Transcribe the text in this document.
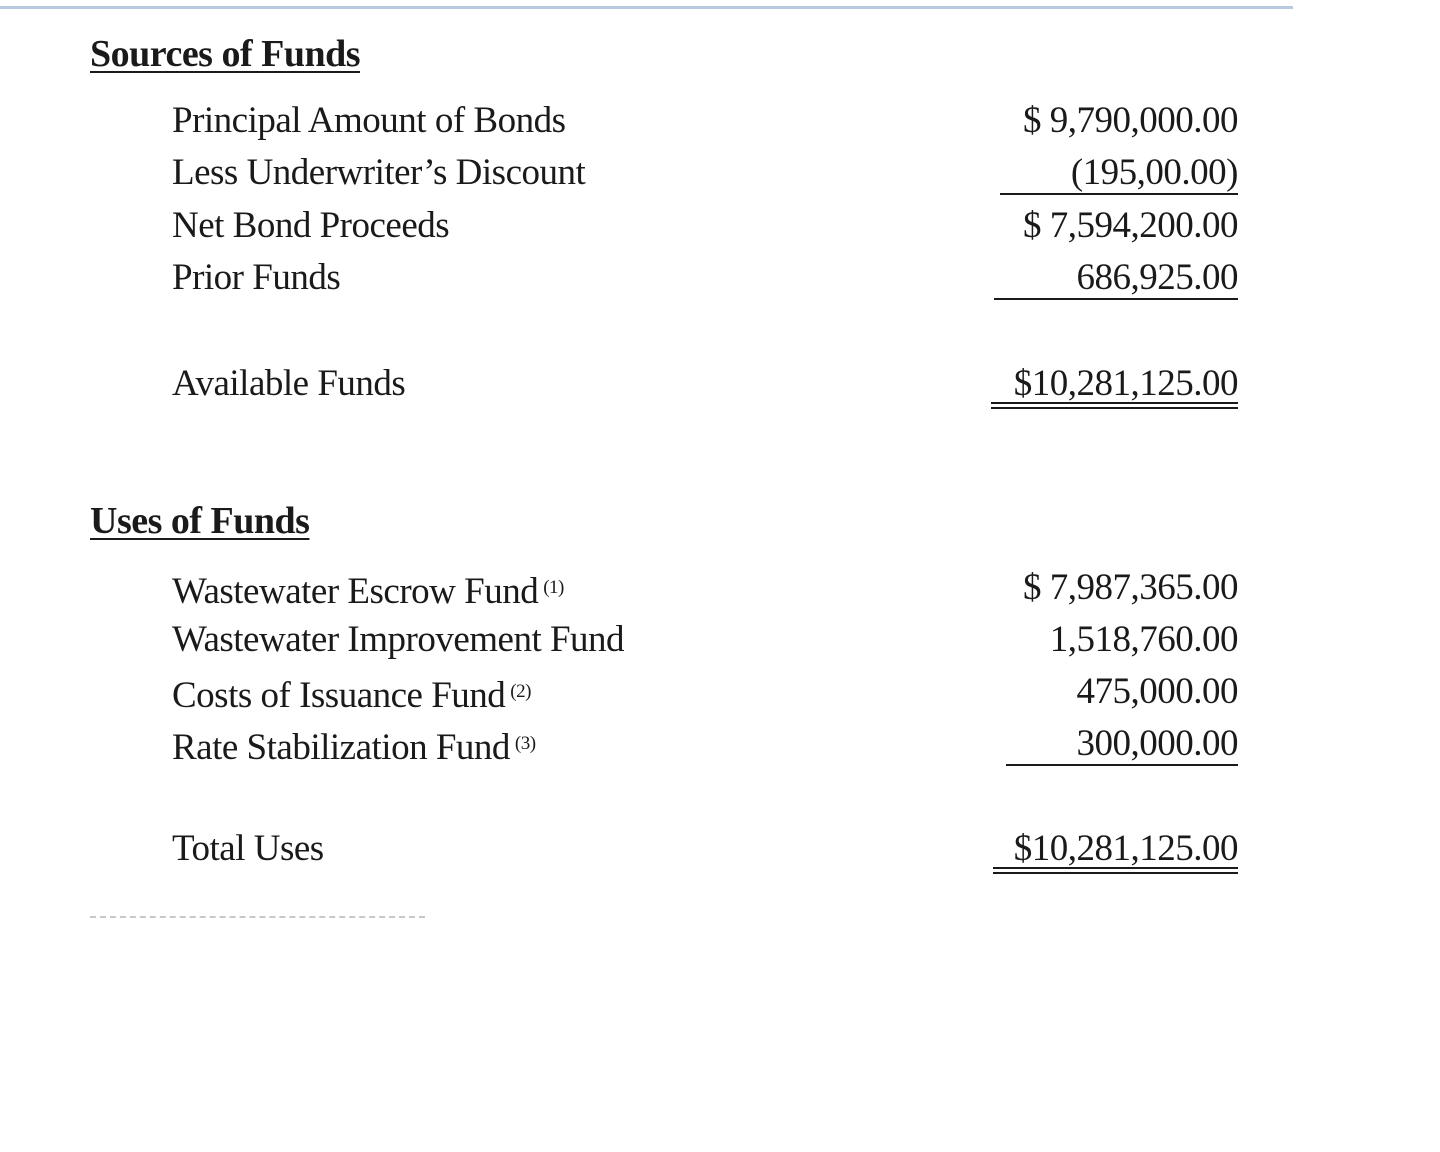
Sources of Funds
Principal Amount of Bonds	$ 9,790,000.00
Less Underwriter’s Discount	(195,00.00)
Net Bond Proceeds	$ 7,594,200.00
Prior Funds	686,925.00
Available Funds	$10,281,125.00
Uses of Funds
Wastewater Escrow Fund $^{(1)}$	$ 7,987,365.00
Wastewater Improvement Fund	1,518,760.00
Costs of Issuance Fund $^{(2)}$	475,000.00
Rate Stabilization Fund $^{(3)}$	300,000.00
Total Uses	$10,281,125.00
